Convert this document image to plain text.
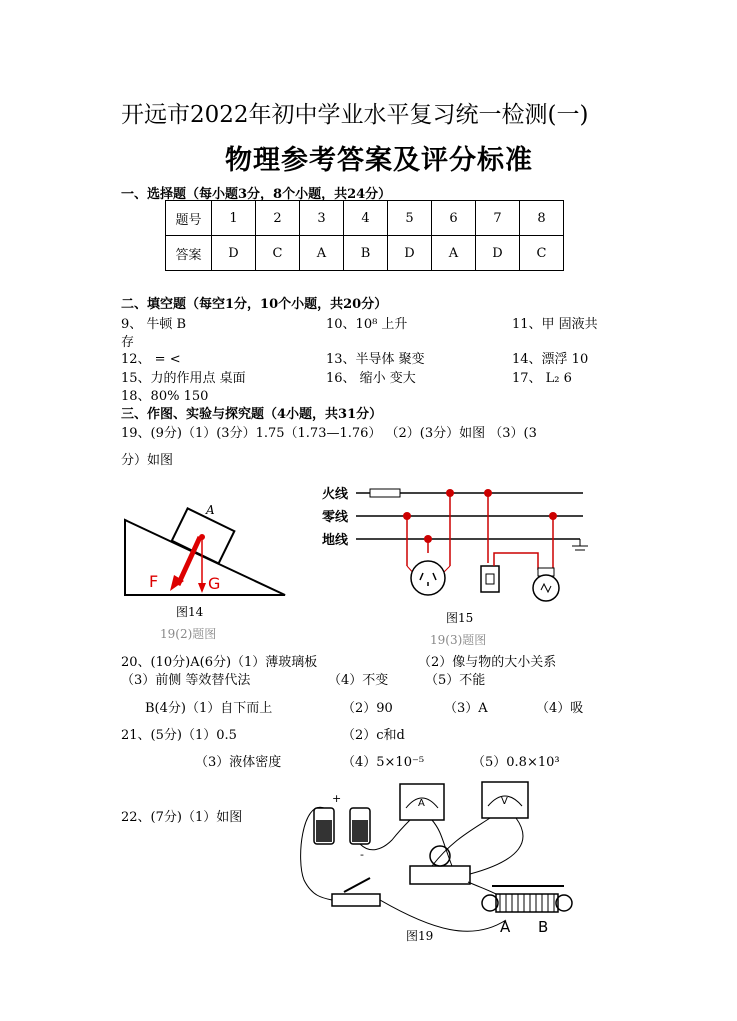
开远市2022年初中学业水平复习统一检测(一)
物理参考答案及评分标准
一、选择题（每小题3分，8个小题，共24分）
题号	1	2	3	4	5	6	7	8
答案	D	C	A	B	D	A	D	C
二、填空题（每空1分，10个小题，共20分）
9、 牛顿 B	10、10⁸ 上升	11、甲 固液共
存
12、 = <	13、半导体 聚变	14、漂浮 10
15、力的作用点 桌面	16、 缩小 变大	17、 L₂ 6
18、80% 150
三、作图、实验与探究题（4小题，共31分）
19、(9分)（1）(3分）1.75（1.73—1.76） （2）(3分）如图 （3）(3
分）如图
A
F	G
图14
19(2)题图
火线
零线
地线
图15
19(3)题图
20、(10分)A(6分)（1）薄玻璃板	（2）像与物的大小关系
（3）前侧 等效替代法	（4）不变	（5）不能
B(4分)（1）自下而上	（2）90	（3）A	（4）吸
21、(5分)（1）0.5	（2）c和d
（3）液体密度	（4）5×10⁻⁵	（5）0.8×10³
22、(7分)（1）如图
+
-
A	V
A B
图19
